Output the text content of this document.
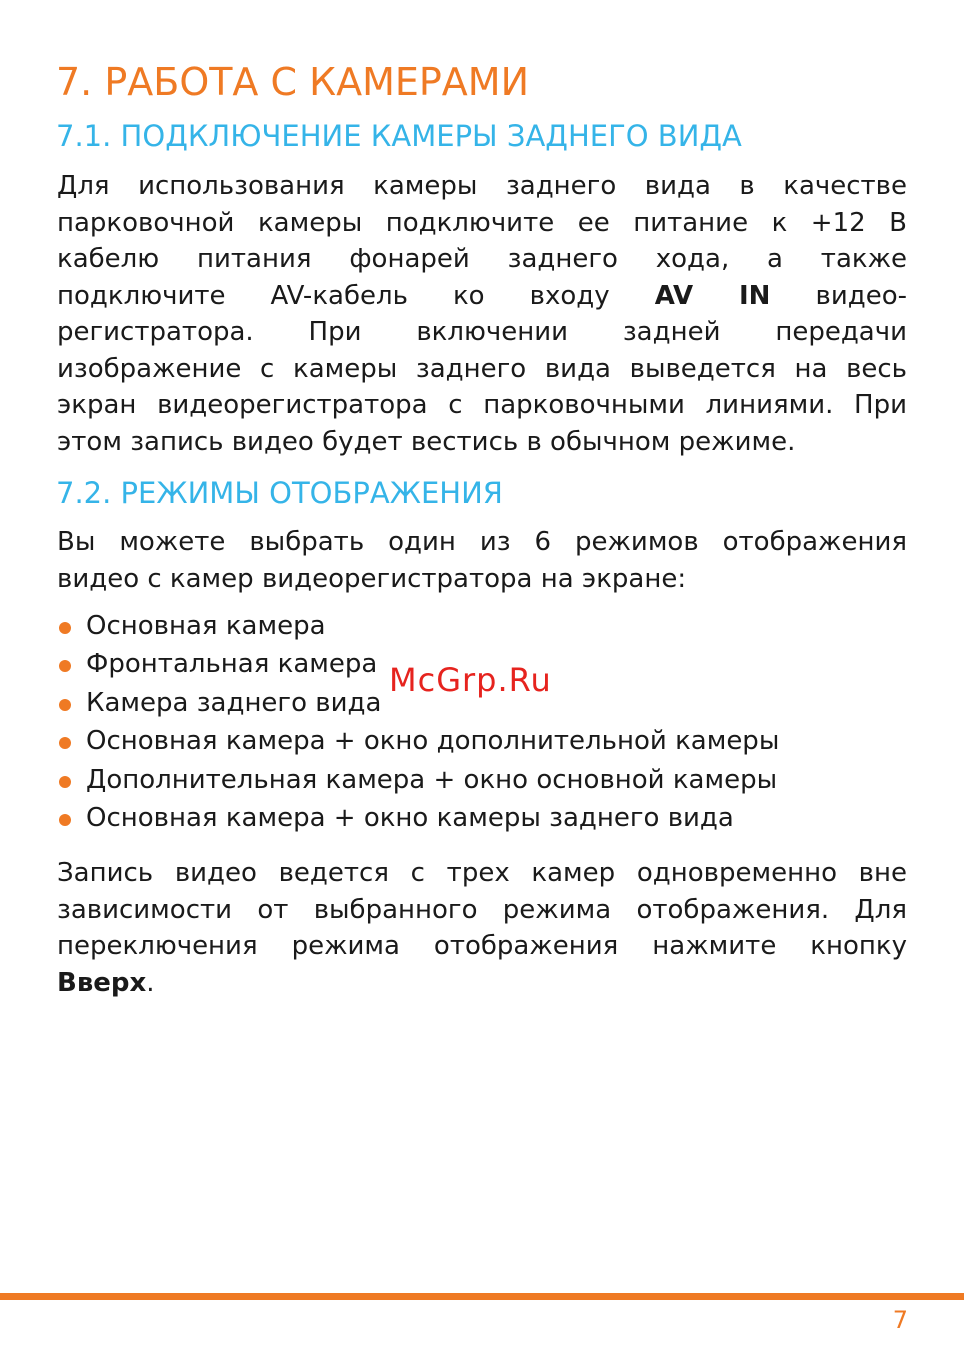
7. РАБОТА С КАМЕРАМИ
7.1. ПОДКЛЮЧЕНИЕ КАМЕРЫ ЗАДНЕГО ВИДА
Для использования камеры заднего вида в качестве
парковочной камеры подключите ее питание к +12 В
кабелю питания фонарей заднего хода, а также
подключите AV-кабель ко входу AV IN видео-
регистратора. При включении задней передачи
изображение с камеры заднего вида выведется на весь
экран видеорегистратора с парковочными линиями. При
этом запись видео будет вестись в обычном режиме.
7.2. РЕЖИМЫ ОТОБРАЖЕНИЯ
Вы можете выбрать один из 6 режимов отображения
видео с камер видеорегистратора на экране:
Основная камера
Фронтальная камера
Камера заднего вида
Основная камера + окно дополнительной камеры
Дополнительная камера + окно основной камеры
Основная камера + окно камеры заднего вида
McGrp.Ru
Запись видео ведется с трех камер одновременно вне
зависимости от выбранного режима отображения. Для
переключения режима отображения нажмите кнопку
Вверх.
7
